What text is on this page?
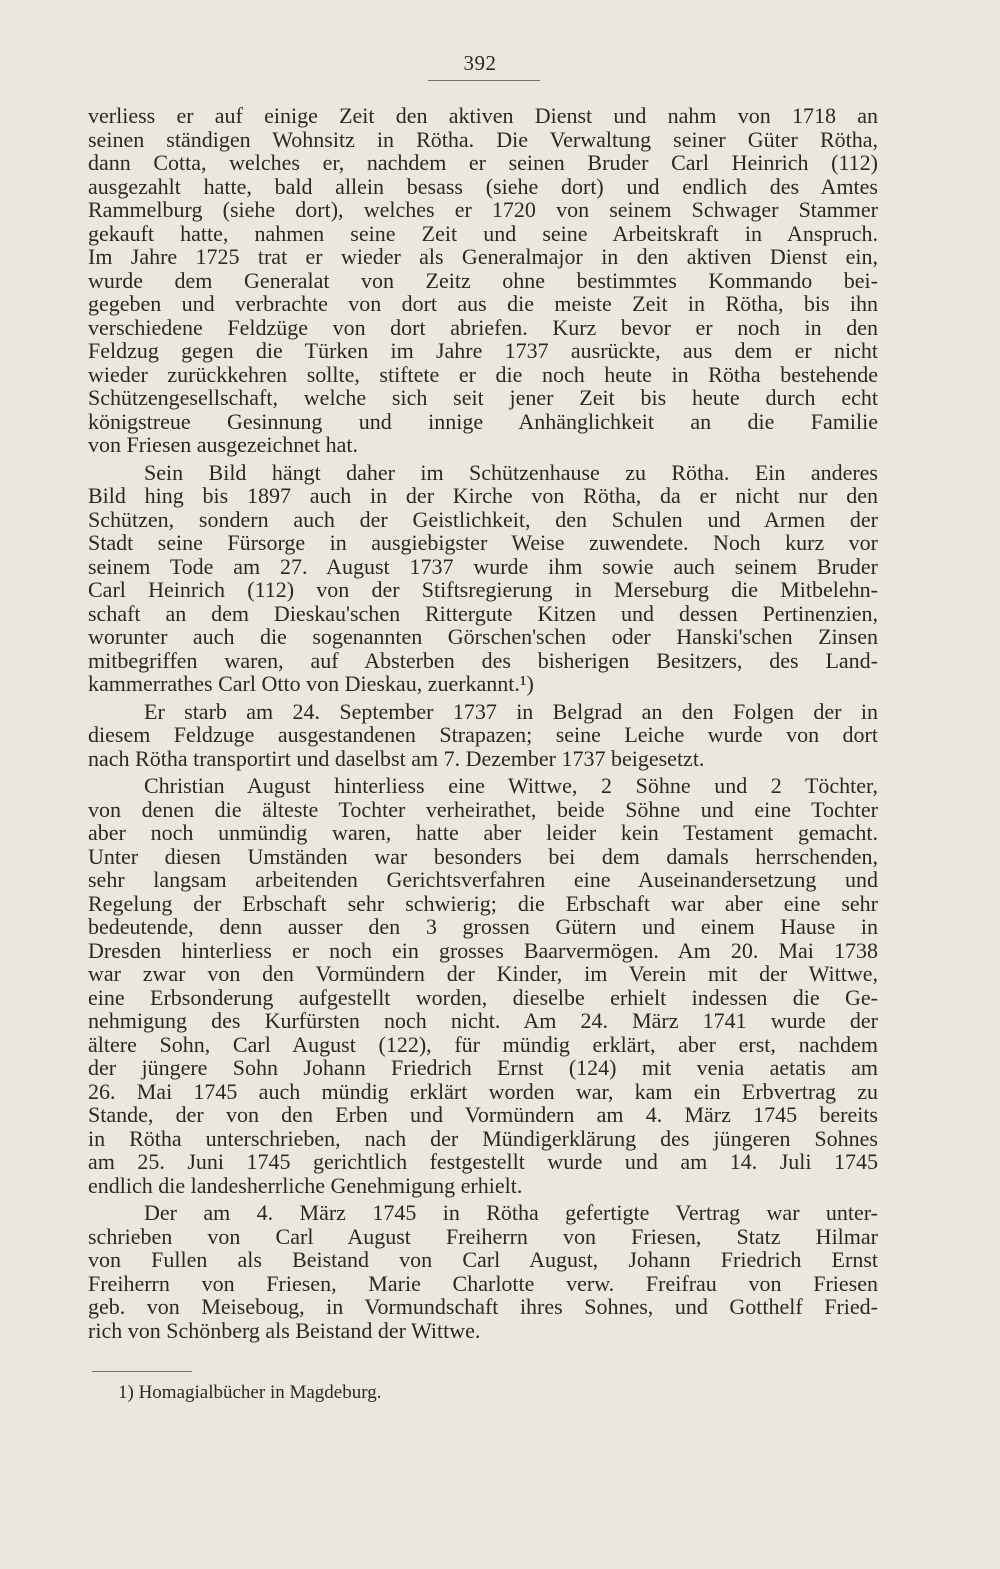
392

verliess er auf einige Zeit den aktiven Dienst und nahm von 1718 an
seinen ständigen Wohnsitz in Rötha. Die Verwaltung seiner Güter Rötha,
dann Cotta, welches er, nachdem er seinen Bruder Carl Heinrich (112)
ausgezahlt hatte, bald allein besass (siehe dort) und endlich des Amtes
Rammelburg (siehe dort), welches er 1720 von seinem Schwager Stammer
gekauft hatte, nahmen seine Zeit und seine Arbeitskraft in Anspruch.
Im Jahre 1725 trat er wieder als Generalmajor in den aktiven Dienst ein,
wurde dem Generalat von Zeitz ohne bestimmtes Kommando bei-
gegeben und verbrachte von dort aus die meiste Zeit in Rötha, bis ihn
verschiedene Feldzüge von dort abriefen. Kurz bevor er noch in den
Feldzug gegen die Türken im Jahre 1737 ausrückte, aus dem er nicht
wieder zurückkehren sollte, stiftete er die noch heute in Rötha bestehende
Schützengesellschaft, welche sich seit jener Zeit bis heute durch echt
königstreue Gesinnung und innige Anhänglichkeit an die Familie
von Friesen ausgezeichnet hat.

Sein Bild hängt daher im Schützenhause zu Rötha. Ein anderes
Bild hing bis 1897 auch in der Kirche von Rötha, da er nicht nur den
Schützen, sondern auch der Geistlichkeit, den Schulen und Armen der
Stadt seine Fürsorge in ausgiebigster Weise zuwendete. Noch kurz vor
seinem Tode am 27. August 1737 wurde ihm sowie auch seinem Bruder
Carl Heinrich (112) von der Stiftsregierung in Merseburg die Mitbelehn-
schaft an dem Dieskau'schen Rittergute Kitzen und dessen Pertinenzien,
worunter auch die sogenannten Görschen'schen oder Hanski'schen Zinsen
mitbegriffen waren, auf Absterben des bisherigen Besitzers, des Land-
kammerrathes Carl Otto von Dieskau, zuerkannt.¹)

Er starb am 24. September 1737 in Belgrad an den Folgen der in
diesem Feldzuge ausgestandenen Strapazen; seine Leiche wurde von dort
nach Rötha transportirt und daselbst am 7. Dezember 1737 beigesetzt.

Christian August hinterliess eine Wittwe, 2 Söhne und 2 Töchter,
von denen die älteste Tochter verheirathet, beide Söhne und eine Tochter
aber noch unmündig waren, hatte aber leider kein Testament gemacht.
Unter diesen Umständen war besonders bei dem damals herrschenden,
sehr langsam arbeitenden Gerichtsverfahren eine Auseinandersetzung und
Regelung der Erbschaft sehr schwierig; die Erbschaft war aber eine sehr
bedeutende, denn ausser den 3 grossen Gütern und einem Hause in
Dresden hinterliess er noch ein grosses Baarvermögen. Am 20. Mai 1738
war zwar von den Vormündern der Kinder, im Verein mit der Wittwe,
eine Erbsonderung aufgestellt worden, dieselbe erhielt indessen die Ge-
nehmigung des Kurfürsten noch nicht. Am 24. März 1741 wurde der
ältere Sohn, Carl August (122), für mündig erklärt, aber erst, nachdem
der jüngere Sohn Johann Friedrich Ernst (124) mit venia aetatis am
26. Mai 1745 auch mündig erklärt worden war, kam ein Erbvertrag zu
Stande, der von den Erben und Vormündern am 4. März 1745 bereits
in Rötha unterschrieben, nach der Mündigerklärung des jüngeren Sohnes
am 25. Juni 1745 gerichtlich festgestellt wurde und am 14. Juli 1745
endlich die landesherrliche Genehmigung erhielt.

Der am 4. März 1745 in Rötha gefertigte Vertrag war unter-
schrieben von Carl August Freiherrn von Friesen, Statz Hilmar
von Fullen als Beistand von Carl August, Johann Friedrich Ernst
Freiherrn von Friesen, Marie Charlotte verw. Freifrau von Friesen
geb. von Meiseboug, in Vormundschaft ihres Sohnes, und Gotthelf Fried-
rich von Schönberg als Beistand der Wittwe.

1) Homagialbücher in Magdeburg.
